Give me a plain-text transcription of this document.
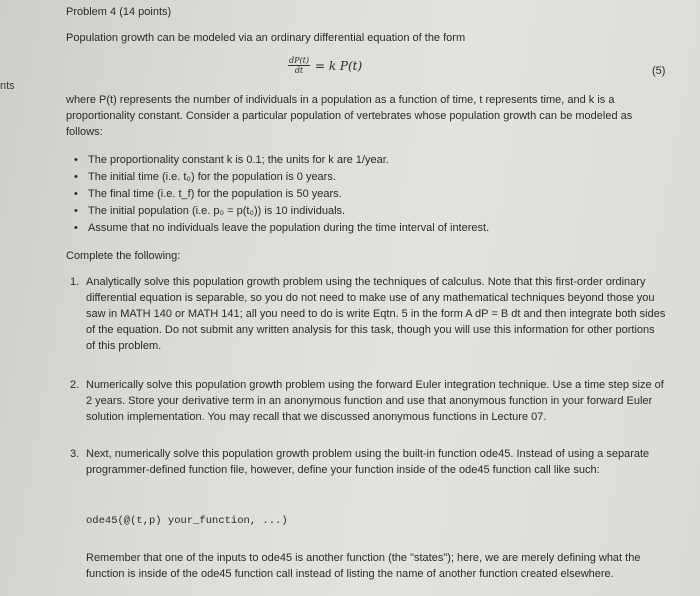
nts
Problem 4 (14 points)
Population growth can be modeled via an ordinary differential equation of the form
$\frac{dP(t)}{dt} = k$ P(t)	(5)
where P(t) represents the number of individuals in a population as a function of time, t represents time, and k is a proportionality constant. Consider a particular population of vertebrates whose population growth can be modeled as follows:
• The proportionality constant k is 0.1; the units for k are 1/year.
• The initial time (i.e. t₀) for the population is 0 years.
• The final time (i.e. t_f) for the population is 50 years.
• The initial population (i.e. p₀ = p(t₀)) is 10 individuals.
• Assume that no individuals leave the population during the time interval of interest.
Complete the following:
1. Analytically solve this population growth problem using the techniques of calculus. Note that this first-order ordinary differential equation is separable, so you do not need to make use of any mathematical techniques beyond those you saw in MATH 140 or MATH 141; all you need to do is write Eqtn. 5 in the form A dP = B dt and then integrate both sides of the equation. Do not submit any written analysis for this task, though you will use this information for other portions of this problem.
2. Numerically solve this population growth problem using the forward Euler integration technique. Use a time step size of 2 years. Store your derivative term in an anonymous function and use that anonymous function in your forward Euler solution implementation. You may recall that we discussed anonymous functions in Lecture 07.
3. Next, numerically solve this population growth problem using the built-in function ode45. Instead of using a separate programmer-defined function file, however, define your function inside of the ode45 function call like such:
ode45(@(t,p) your_function, ...)
Remember that one of the inputs to ode45 is another function (the "states"); here, we are merely defining what the function is inside of the ode45 function call instead of listing the name of another function created elsewhere.
